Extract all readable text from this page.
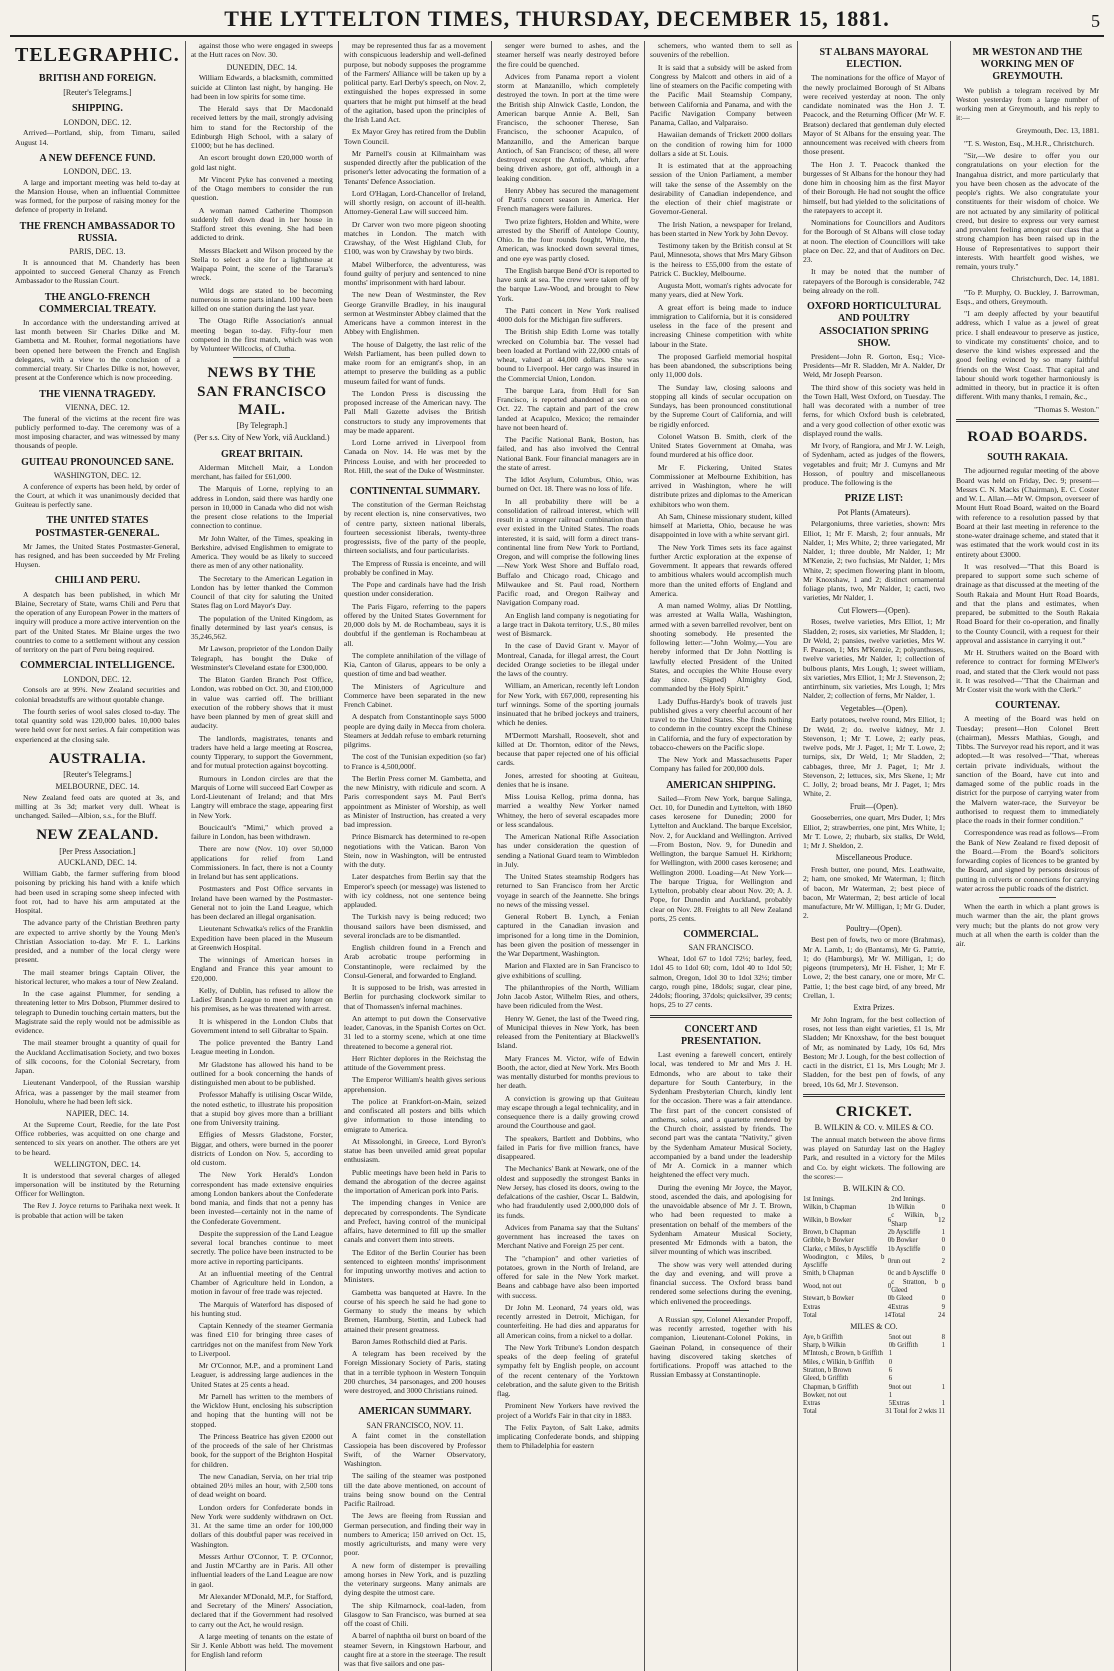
THE LYTTELTON TIMES, THURSDAY, DECEMBER 15, 1881.	5
TELEGRAPHIC.
BRITISH AND FOREIGN.
[Reuter's Telegrams.]
SHIPPING.
LONDON, DEC. 12.

Arrived—Portland, ship, from Timaru, sailed August 14.

A NEW DEFENCE FUND.
LONDON, DEC. 13.

A large and important meeting was held to-day at the Mansion House, when an influential Committee was formed, for the purpose of raising money for the defence of property in Ireland.

THE FRENCH AMBASSADOR TO RUSSIA.
PARIS, DEC. 13.

It is announced that M. Chanderly has been appointed to succeed General Chanzy as French Ambassador to the Russian Court.

THE ANGLO-FRENCH COMMERCIAL TREATY.

In accordance with the understanding arrived at last month between Sir Charles Dilke and M. Gambetta and M. Rouher, formal negotiations have been opened here between the French and English delegates, with a view to the conclusion of a commercial treaty. Sir Charles Dilke is not, however, present at the Conference which is now proceeding.

THE VIENNA TRAGEDY.
VIENNA, DEC. 12.

The funeral of the victims at the recent fire was publicly performed to-day. The ceremony was of a most imposing character, and was witnessed by many thousands of people.

GUITEAU PRONOUNCED SANE.
WASHINGTON, DEC. 12.

A conference of experts has been held, by order of the Court, at which it was unanimously decided that Guiteau is perfectly sane.

THE UNITED STATES POSTMASTER-GENERAL.

Mr James, the United States Postmaster-General, has resigned, and has been succeeded by Mr Freling Huysen.

CHILI AND PERU.

A despatch has been published, in which Mr Blaine, Secretary of State, warns Chili and Peru that the operation of any European Power in the matters of inquiry will produce a more active intervention on the part of the United States. Mr Blaine urges the two countries to come to a settlement without any cession of territory on the part of Peru being required.

COMMERCIAL INTELLIGENCE.
LONDON, DEC. 12.

Consols are at 99¾. New Zealand securities and colonial breadstuffs are without quotable change.

The fourth series of wool sales closed to-day. The total quantity sold was 120,000 bales. 10,000 bales were held over for next series. A fair competition was experienced at the closing sale.

AUSTRALIA.
[Reuter's Telegrams.]
MELBOURNE, DEC. 14.

New Zealand feed oats are quoted at 3s, and milling at 3s 3d; market very dull. Wheat is unchanged. Sailed—Albion, s.s., for the Bluff.

NEW ZEALAND.
[Per Press Association.]
AUCKLAND, DEC. 14.

William Gabb, the farmer suffering from blood poisoning by pricking his hand with a knife which had been used in scraping some sheep infected with foot rot, had to have his arm amputated at the Hospital.

The advance party of the Christian Brethren party are expected to arrive shortly by the Young Men's Christian Association to-day. Mr F. L. Larkins presided, and a number of the local clergy were present.

The mail steamer brings Captain Oliver, the historical lecturer, who makes a tour of New Zealand.

In the case against Plummer, for sending a threatening letter to Mrs Dobson, Plummer desired to telegraph to Dunedin touching certain matters, but the Magistrate said the reply would not be admissible as evidence.

The mail steamer brought a quantity of quail for the Auckland Acclimatisation Society, and two boxes of silk cocoons, for the Colonial Secretary, from Japan.

Lieutenant Vanderpool, of the Russian warship Africa, was a passenger by the mail steamer from Honolulu, where he had been left sick.

NAPIER, DEC. 14.

At the Supreme Court, Reedie, for the late Post Office robberies, was acquitted on one charge and sentenced to six years on another. The others are yet to be heard.

WELLINGTON, DEC. 14.

It is understood that several charges of alleged impersonation will be instituted by the Returning Officer for Wellington.

The Rev J. Joyce returns to Parihaka next week. It is probable that action will be taken

against those who were engaged in sweeps at the Hutt races on Nov. 30.

DUNEDIN, DEC. 14.

William Edwards, a blacksmith, committed suicide at Clinton last night, by hanging. He had been in low spirits for some time.

The Herald says that Dr Macdonald received letters by the mail, strongly advising him to stand for the Rectorship of the Edinburgh High School, with a salary of £1000; but he has declined.

An escort brought down £20,000 worth of gold last night.

Mr Vincent Pyke has convened a meeting of the Otago members to consider the run question.

A woman named Catherine Thompson suddenly fell down dead in her house in Stafford street this evening. She had been addicted to drink.

Messrs Blackett and Wilson proceed by the Stella to select a site for a lighthouse at Waipapa Point, the scene of the Tararua's wreck.

Wild dogs are stated to be becoming numerous in some parts inland. 100 have been killed on one station during the last year.

The Otago Rifle Association's annual meeting began to-day. Fifty-four men competed in the first match, which was won by Volunteer Willcocks, of Clutha.

NEWS BY THE SAN FRANCISCO MAIL.
[By Telegraph.]
(Per s.s. City of New York, viâ Auckland.)
GREAT BRITAIN.

Alderman Mitchell Mair, a London merchant, has failed for £61,000.

The Marquis of Lorne, replying to an address in London, said there was hardly one person in 10,000 in Canada who did not wish the present close relations to the Imperial connection to continue.

Mr John Walter, of the Times, speaking in Berkshire, advised Englishmen to emigrate to America. They would be as likely to succeed there as men of any other nationality.

The Secretary to the American Legation in London has by letter thanked the Common Council of that city for saluting the United States flag on Lord Mayor's Day.

The population of the United Kingdom, as finally determined by last year's census, is 35,246,562.

Mr Lawson, proprietor of the London Daily Telegraph, has bought the Duke of Westminster's Cleveland estate for £300,000.

The Blaton Garden Branch Post Office, London, was robbed on Oct. 30, and £100,000 in value was carried off. The brilliant execution of the robbery shows that it must have been planned by men of great skill and audacity.

The landlords, magistrates, tenants and traders have held a large meeting at Roscrea, county Tipperary, to support the Government, and for mutual protection against boycotting.

Rumours in London circles are that the Marquis of Lorne will succeed Earl Cowper as Lord-Lieutenant of Ireland; and that Mrs Langtry will embrace the stage, appearing first in New York.

Boucicault's "Mimi," which proved a failure in London, has been withdrawn.

There are now (Nov. 10) over 50,000 applications for relief from Land Commissioners. In fact, there is not a County in Ireland but has sent applications.

Postmasters and Post Office servants in Ireland have been warned by the Postmaster-General not to join the Land League, which has been declared an illegal organisation.

Lieutenant Schwatka's relics of the Franklin Expedition have been placed in the Museum at Greenwich Hospital.

The winnings of American horses in England and France this year amount to £20,000.

Kelly, of Dublin, has refused to allow the Ladies' Branch League to meet any longer on his premises, as he was threatened with arrest.

It is whispered in the London Clubs that Government intend to sell Gibraltar to Spain.

The police prevented the Bantry Land League meeting in London.

Mr Gladstone has allowed his hand to be outlined for a book concerning the hands of distinguished men about to be published.

Professor Mahaffy is utilising Oscar Wilde, the noted esthetic, to illustrate his proposition that a stupid boy gives more than a brilliant one from University training.

Effigies of Messrs Gladstone, Forster, Biggar, and others, were burned in the poorer districts of London on Nov. 5, according to old custom.

The New York Herald's London correspondent has made extensive enquiries among London bankers about the Confederate bond mania, and finds that not a penny has been invested—certainly not in the name of the Confederate Government.

Despite the suppression of the Land League several local branches continue to meet secretly. The police have been instructed to be more active in reporting participants.

At an influential meeting of the Central Chamber of Agriculture held in London, a motion in favour of free trade was rejected.

The Marquis of Waterford has disposed of his hunting stud.

Captain Kennedy of the steamer Germania was fined £10 for bringing three cases of cartridges not on the manifest from New York to Liverpool.

Mr O'Connor, M.P., and a prominent Land Leaguer, is addressing large audiences in the United States at 25 cents a head.

Mr Parnell has written to the members of the Wicklow Hunt, enclosing his subscription and hoping that the hunting will not be stopped.

The Princess Beatrice has given £2000 out of the proceeds of the sale of her Christmas book, for the support of the Brighton Hospital for children.

The new Canadian, Servia, on her trial trip obtained 20½ miles an hour, with 2,500 tons of dead weight on board.

London orders for Confederate bonds in New York were suddenly withdrawn on Oct. 31. At the same time an order for 100,000 dollars of this doubtful paper was received in Washington.

Messrs Arthur O'Connor, T. P. O'Connor, and Justin M'Carthy are in Paris. All other influential leaders of the Land League are now in gaol.

Mr Alexander M'Donald, M.P., for Stafford, and Secretary of the Miners' Association, declared that if the Government had resolved to carry out the Act, he would resign.

A large meeting of tenants on the estate of Sir J. Kenle Abbott was held. The movement for English land reform

may be represented thus far as a movement with conspicuous leadership and well-defined purpose, but nobody supposes the programme of the Farmers' Alliance will be taken up by a political party. Earl Derby's speech, on Nov. 2, extinguished the hopes expressed in some quarters that he might put himself at the head of the agitation, based upon the principles of the Irish Land Act.

Ex Mayor Grey has retired from the Dublin Town Council.

Mr Parnell's cousin at Kilmainham was suspended directly after the publication of the prisoner's letter advocating the formation of a Tenants' Defence Association.

Lord O'Hagan, Lord-Chancellor of Ireland, will shortly resign, on account of ill-health. Attorney-General Law will succeed him.

Dr Carver won two more pigeon shooting matches in London. The match with Crawshay, of the West Highland Club, for £100, was won by Crawshay by two birds.

Mabel Wilberforce, the adventuress, was found guilty of perjury and sentenced to nine months' imprisonment with hard labour.

The new Dean of Westminster, the Rev George Granville Bradley, in his inaugural sermon at Westminster Abbey claimed that the Americans have a common interest in the Abbey with Englishmen.

The house of Dalgetty, the last relic of the Welsh Parliament, has been pulled down to make room for an emigrant's shop, in an attempt to preserve the building as a public museum failed for want of funds.

The London Press is discussing the proposed increase of the American navy. The Pall Mall Gazette advises the British constructors to study any improvements that may be made apparent.

Lord Lorne arrived in Liverpool from Canada on Nov. 14. He was met by the Princess Louise, and with her proceeded to Rot. Hill, the seat of the Duke of Westminster.

CONTINENTAL SUMMARY.

The constitution of the German Reichstag by recent election is, nine conservatives, two of centre party, sixteen national liberals, fourteen secessionist liberals, twenty-three progressists, five of the party of the people, thirteen socialists, and four particularists.

The Empress of Russia is enceinte, and will probably be confined in May.

The Pope and cardinals have had the Irish question under consideration.

The Paris Figaro, referring to the papers offered by the United States Government for 20,000 dols by M. de Rochambeau, says it is doubtful if the gentleman is Rochambeau at all.

The complete annihilation of the village of Kia, Canton of Glarus, appears to be only a question of time and bad weather.

The Ministers of Agriculture and Commerce have been separated in the new French Cabinet.

A despatch from Constantinople says 5000 people are dying daily in Mecca from cholera. Steamers at Jeddah refuse to embark returning pilgrims.

The cost of the Tunisian expedition (so far) to France is 4,500,000f.

The Berlin Press corner M. Gambetta, and the new Ministry, with ridicule and scorn. A Paris correspondent says M. Paul Bert's appointment as Minister of Worship, as well as Minister of Instruction, has created a very bad impression.

Prince Bismarck has determined to re-open negotiations with the Vatican. Baron Von Stein, now in Washington, will be entrusted with the duty.

Later despatches from Berlin say that the Emperor's speech (or message) was listened to with icy coldness, not one sentence being applauded.

The Turkish navy is being reduced; two thousand sailors have been dismissed, and several ironclads are to be dismantled.

English children found in a French and Arab acrobatic troupe performing in Constantinople, were reclaimed by the Consul-General, and forwarded to England.

It is supposed to be Irish, was arrested in Berlin for purchasing clockwork similar to that of Thomassen's infernal machines.

An attempt to put down the Conservative leader, Canovas, in the Spanish Cortes on Oct. 31 led to a stormy scene, which at one time threatened to become a general riot.

Herr Richter deplores in the Reichstag the attitude of the Government press.

The Emperor William's health gives serious apprehension.

The police at Frankfort-on-Main, seized and confiscated all posters and bills which give information to those intending to emigrate to America.

At Missolonghi, in Greece, Lord Byron's statue has been unveiled amid great popular enthusiasm.

Public meetings have been held in Paris to demand the abrogation of the decree against the importation of American pork into Paris.

The impending changes in Venice are deprecated by correspondents. The Syndicate and Prefect, having control of the municipal affairs, have determined to fill up the smaller canals and convert them into streets.

The Editor of the Berlin Courier has been sentenced to eighteen months' imprisonment for imputing unworthy motives and action to Ministers.

Gambetta was banqueted at Havre. In the course of his speech he said he had gone to Germany to study the means by which Bremen, Hamburg, Stettin, and Lubeck had attained their present greatness.

Baron James Rothschild died at Paris.

A telegram has been received by the Foreign Missionary Society of Paris, stating that in a terrible typhoon in Western Tonquin 200 churches, 34 parsonages, and 200 houses were destroyed, and 3000 Christians ruined.

AMERICAN SUMMARY.
SAN FRANCISCO, NOV. 11.

A faint comet in the constellation Cassiopeia has been discovered by Professor Swift, of the Warner Observatory, Washington.

The sailing of the steamer was postponed till the date above mentioned, on account of trains being snow bound on the Central Pacific Railroad.

The Jews are fleeing from Russian and German persecution, and finding their way in numbers to America; 150 arrived on Oct. 15, mostly agriculturists, and many were very poor.

A new form of distemper is prevailing among horses in New York, and is puzzling the veterinary surgeons. Many animals are dying despite the utmost care.

The ship Kilmarnock, coal-laden, from Glasgow to San Francisco, was burned at sea off the coast of Chili.

A barrel of naphtha oil burst on board of the steamer Severn, in Kingstown Harbour, and caught fire at a store in the steerage. The result was that five sailors and one pas-

senger were burned to ashes, and the steamer herself was nearly destroyed before the fire could be quenched.

Advices from Panama report a violent storm at Manzanillo, which completely destroyed the town. In port at the time were the British ship Alnwick Castle, London, the American barque Annie A. Bell, San Francisco, the schooner Therese, San Francisco, the schooner Acapulco, of Manzanillo, and the American barque Antioch, of San Francisco; of these, all were destroyed except the Antioch, which, after being driven ashore, got off, although in a leaking condition.

Henry Abbey has secured the management of Patti's concert season in America. Her French managers were failures.

Two prize fighters, Holden and White, were arrested by the Sheriff of Antelope County, Ohio. In the four rounds fought, White, the American, was knocked down several times, and one eye was partly closed.

The English barque Bené d'Or is reported to have sunk at sea. The crew were taken off by the barque Law-Wood, and brought to New York.

The Patti concert in New York realised 4000 dols for the Michigan fire sufferers.

The British ship Edith Lorne was totally wrecked on Columbia bar. The vessel had been loaded at Portland with 22,000 cntals of wheat, valued at 44,000 dollars. She was bound to Liverpool. Her cargo was insured in the Commercial Union, London.

The barque Lara, from Hull for San Francisco, is reported abandoned at sea on Oct. 22. The captain and part of the crew landed at Acapulco, Mexico; the remainder have not been heard of.

The Pacific National Bank, Boston, has failed, and has also involved the Central National Bank. Four financial managers are in the state of arrest.

The Idlot Asylum, Columbus, Ohio, was burned on Oct. 18. There was no loss of life.

In all probability there will be a consolidation of railroad interest, which will result in a stronger railroad combination than ever existed in the United States. The roads interested, it is said, will form a direct trans-continental line from New York to Portland, Oregon, and will comprise the following lines—New York West Shore and Buffalo road, Buffalo and Chicago road, Chicago and Milwaukee and St. Paul road, Northern Pacific road, and Oregon Railway and Navigation Company road.

An English land company is negotiating for a large tract in Dakota territory, U.S., 80 miles west of Bismarck.

In the case of David Grant v. Mayor of Montreal, Canada, for illegal arrest, the Court decided Orange societies to be illegal under the laws of the country.

William, an American, recently left London for New York, with £67,000, representing his turf winnings. Some of the sporting journals insinuated that he bribed jockeys and trainers, which he denies.

M'Dermott Marshall, Roosevelt, shot and killed at Dr. Thornton, editor of the News, because that paper rejected one of his official cards.

Jones, arrested for shooting at Guiteau, denies that he is insane.

Miss Louisa Kellog, prima donna, has married a wealthy New Yorker named Whitney, the hero of several escapades more or less scandalous.

The American National Rifle Association has under consideration the question of sending a National Guard team to Wimbledon in July.

The United States steamship Rodgers has returned to San Francisco from her Arctic voyage in search of the Jeannette. She brings no news of the missing vessel.

General Robert B. Lynch, a Fenian captured in the Canadian invasion and imprisoned for a long time in the Dominion, has been given the position of messenger in the War Department, Washington.

Marion and Flaxted are in San Francisco to give exhibitions of sculling.

The philanthropies of the North, William John Jacob Astor, Wilhelm Ries, and others, have been ridiculed from the West.

Henry W. Genet, the last of the Tweed ring, of Municipal thieves in New York, has been released from the Penitentiary at Blackwell's Island.

Mary Frances M. Victor, wife of Edwin Booth, the actor, died at New York. Mrs Booth was mentally disturbed for months previous to her death.

A conviction is growing up that Guiteau may escape through a legal technicality, and in consequence there is a daily growing crowd around the Courthouse and gaol.

The speakers, Bartlett and Dobbins, who failed in Paris for five million francs, have disappeared.

The Mechanics' Bank at Newark, one of the oldest and supposedly the strongest Banks in New Jersey, has closed its doors, owing to the defalcations of the cashier, Oscar L. Baldwin, who had fraudulently used 2,000,000 dols of its funds.

Advices from Panama say that the Sultans' government has increased the taxes on Merchant Native and Foreign 25 per cent.

The "champion" and other varieties of potatoes, grown in the North of Ireland, are offered for sale in the New York market. Beans and cabbage have also been imported with success.

Dr John M. Leonard, 74 years old, was recently arrested in Detroit, Michigan, for counterfeiting. He had dies and apparatus for all American coins, from a nickel to a dollar.

The New York Tribune's London despatch speaks of the deep feeling of grateful sympathy felt by English people, on account of the recent centenary of the Yorktown celebration, and the salute given to the British flag.

Prominent New Yorkers have revived the project of a World's Fair in that city in 1883.

The Felix Payton, of Salt Lake, admits implicating Confederate bonds, and shipping them to Philadelphia for eastern

schemers, who wanted them to sell as souvenirs of the rebellion.

It is said that a subsidy will be asked from Congress by Malcott and others in aid of a line of steamers on the Pacific competing with the Pacific Mail Steamship Company, between California and Panama, and with the Pacific Navigation Company between Panama, Callao, and Valparaiso.

Hawaiian demands of Trickett 2000 dollars on the condition of rowing him for 1000 dollars a side at St. Louis.

It is estimated that at the approaching session of the Union Parliament, a member will take the sense of the Assembly on the desirability of Canadian independence, and the election of their chief magistrate or Governor-General.

The Irish Nation, a newspaper for Ireland, has been started in New York by John Devoy.

Testimony taken by the British consul at St Paul, Minnesota, shows that Mrs Mary Gibson is the heiress to £55,000 from the estate of Patrick C. Buckley, Melbourne.

Augusta Mott, woman's rights advocate for many years, died at New York.

A great effort is being made to induce immigration to California, but it is considered useless in the face of the present and increasing Chinese competition with white labour in the State.

The proposed Garfield memorial hospital has been abandoned, the subscriptions being only 11,000 dols.

The Sunday law, closing saloons and stopping all kinds of secular occupation on Sundays, has been pronounced constitutional by the Supreme Court of California, and will be rigidly enforced.

Colonel Watson B. Smith, clerk of the United States Government at Omaha, was found murdered at his office door.

Mr F. Pickering, United States Commissioner at Melbourne Exhibition, has arrived in Washington, where he will distribute prizes and diplomas to the American exhibitors who won them.

Ah Sam, Chinese missionary student, killed himself at Marietta, Ohio, because he was disappointed in love with a white servant girl.

The New York Times sets its face against further Arctic exploration at the expense of Government. It appears that rewards offered to ambitious whalers would accomplish much more than the united efforts of England and America.

A man named Wolmy, alias Dr Nottling, was arrested at Walla Walla, Washington, armed with a seven barrelled revolver, bent on shooting somebody. He presented the following letter:—"John Wolmy,—You are hereby informed that Dr John Nottling is lawfully elected President of the United States, and occupies the White House every day since. (Signed) Almighty God, commanded by the Holy Spirit."

Lady Duffus-Hardy's book of travels just published gives a very cheerful account of her travel to the United States. She finds nothing to condemn in the country except the Chinese in California, and the fury of expectoration by tobacco-chewers on the Pacific slope.

The New York and Massachusetts Paper Company has failed for 200,000 dols.

AMERICAN SHIPPING.

Sailed—From New York, barque Salinga, Oct. 10, for Dunedin and Lyttelton, with 1860 cases kerosene for Dunedin; 2000 for Lyttelton and Auckland. The barque Excelsior, Nov. 2, for Auckland and Wellington. Arrived—From Boston, Nov. 9, for Dunedin and Wellington, the barque Samuel H. Kirkhorn; for Wellington, with 2000 cases kerosene; and Wellington 2000. Loading—At New York—The barque Trigua, for Wellington and Lyttelton, probably clear about Nov. 20; A. J. Pope, for Dunedin and Auckland, probably clear on Nov. 28. Freights to all New Zealand ports, 25 cents.

COMMERCIAL.
SAN FRANCISCO.

Wheat, 1dol 67 to 1dol 72½; barley, feed, 1dol 45 to 1dol 60; corn, 1dol 40 to 1dol 50; salmon, Oregon, 1dol 30 to 1dol 32½; timber cargo, rough pine, 18dols; sugar, clear pine, 24dols; flooring, 37dols; quicksilver, 39 cents; hops, 25 to 27 cents.

CONCERT AND PRESENTATION.

Last evening a farewell concert, entirely local, was tendered to Mr and Mrs J. H. Edmonds, who are about to take their departure for South Canterbury, in the Sydenham Presbyterian Church, kindly lent for the occasion. There was a fair attendance. The first part of the concert consisted of anthems, solos, and a quartette rendered by the Church choir, assisted by friends. The second part was the cantata "Nativity," given by the Sydenham Amateur Musical Society, accompanied by a band under the leadership of Mr A. Cornick in a manner which heightened the effect very much.

During the evening Mr Joyce, the Mayor, stood, ascended the dais, and apologising for the unavoidable absence of Mr J. T. Brown, who had been requested to make a presentation on behalf of the members of the Sydenham Amateur Musical Society, presented Mr Edmonds with a baton, the silver mounting of which was inscribed.

The show was very well attended during the day and evening, and will prove a financial success. The Oxford brass band rendered some selections during the evening, which enlivened the proceedings.

A Russian spy, Colonel Alexander Propoff, was recently arrested, together with his companion, Lieutenant-Colonel Pokins, in Gaeinan Poland, in consequence of their having discovered taking sketches of fortifications. Propoff was attached to the Russian Embassy at Constantinople.

ST ALBANS MAYORAL ELECTION.

The nominations for the office of Mayor of the newly proclaimed Borough of St Albans were received yesterday at noon. The only candidate nominated was the Hon J. T. Peacock, and the Returning Officer (Mr W. F. Bratson) declared that gentleman duly elected Mayor of St Albans for the ensuing year. The announcement was received with cheers from those present.

The Hon J. T. Peacock thanked the burgesses of St Albans for the honour they had done him in choosing him as the first Mayor of their Borough. He had not sought the office himself, but had yielded to the solicitations of the ratepayers to accept it.

Nominations for Councillors and Auditors for the Borough of St Albans will close today at noon. The election of Councillors will take place on Dec. 22, and that of Auditors on Dec. 23.

It may be noted that the number of ratepayers of the Borough is considerable, 742 being already on the roll.

OXFORD HORTICULTURAL AND POULTRY ASSOCIATION SPRING SHOW.

President—John R. Gorton, Esq.; Vice-Presidents—Mr R. Sladden, Mr A. Nalder, Dr Weld, Mr Joseph Pearson.

The third show of this society was held in the Town Hall, West Oxford, on Tuesday. The hall was decorated with a number of tree ferns, for which Oxford bush is celebrated, and a very good collection of other exotic was displayed round the walls.

Mr Ivory, of Rangiora, and Mr J. W. Leigh, of Sydenham, acted as judges of the flowers, vegetables and fruit; Mr J. Cumyns and Mr Hosson, of poultry and miscellaneous produce. The following is the

PRIZE LIST:
Pot Plants (Amateurs).

Pelargoniums, three varieties, shown: Mrs Elliot, 1; Mr F. Marsh, 2; four annuals, Mr Nalder, 1; Mrs White, 2; three variegated, Mr Nalder, 1; three double, Mr Nalder, 1; Mr M'Kenzie, 2; two fuchsias, Mr Nalder, 1; Mrs White, 2; specimen flowering plant in bloom, Mr Knoxshaw, 1 and 2; distinct ornamental foliage plants, two, Mr Nalder, 1; cacti, two varieties, Mr Nalder, 1.

Cut Flowers—(Open).

Roses, twelve varieties, Mrs Elliot, 1; Mr Sladden, 2; roses, six varieties, Mr Sladden, 1; Dr Weld, 2; pansies, twelve varieties, Mrs W. F. Pearson, 1; Mrs M'Kenzie, 2; polyanthuses, twelve varieties, Mr Nalder, 1; collection of bulbous plants, Mrs Lough, 1; sweet william, six varieties, Mrs Elliot, 1; Mr J. Stevenson, 2; antirrhinum, six varieties, Mrs Lough, 1; Mrs Nalder, 2; collection of ferns, Mr Nalder, 1.

Vegetables—(Open).

Early potatoes, twelve round, Mrs Elliot, 1; Dr Weld, 2; do. twelve kidney, Mr J. Stevenson, 1; Mr T. Lowe, 2; early peas, twelve pods, Mr J. Paget, 1; Mr T. Lowe, 2; turnips, six, Dr Weld, 1; Mr Sladden, 2; cabbages, three, Mr J. Paget, 1; Mr J. Stevenson, 2; lettuces, six, Mrs Skene, 1; Mr C. Jolly, 2; broad beans, Mr J. Paget, 1; Mrs White, 2.

Fruit—(Open).

Gooseberries, one quart, Mrs Duder, 1; Mrs Elliot, 2; strawberries, one pint, Mrs White, 1; Mr T. Lowe, 2; rhubarb, six stalks, Dr Weld, 1; Mr J. Sheldon, 2.

Miscellaneous Produce.

Fresh butter, one pound, Mrs. Leathwaite, 2; ham, one smoked, Mr Waterman, 1; flitch of bacon, Mr Waterman, 2; best piece of bacon, Mr Waterman, 2; best article of local manufacture, Mr W. Milligan, 1; Mr G. Duder, 2.

Poultry—(Open).

Best pen of fowls, two or more (Brahmas), Mr A. Lamb, 1; do (Bantams), Mr G. Pattrie, 1; do (Hamburgs), Mr W. Milligan, 1; do pigeons (trumpeters), Mr H. Fisher, 1; Mr F. Lowe, 2; the best canary, one or more, Mr C. Pattie, 1; the best cage bird, of any breed, Mr Crellan, 1.

Extra Prizes.

Mr John Ingram, for the best collection of roses, not less than eight varieties, £1 1s, Mr Sladden; Mr Knoxshaw, for the best bouquet of Mr, as nominated by Lady, 10s 6d, Mrs Beston; Mr J. Lough, for the best collection of cacti in the district, £1 1s, Mrs Lough; Mr J. Sladden, for the best pen of fowls, of any breed, 10s 6d, Mr J. Stevenson.

CRICKET.
B. WILKIN & CO. v. MILES & CO.

The annual match between the above firms was played on Saturday last on the Hagley Park, and resulted in a victory for the Miles and Co. by eight wickets. The following are the scores:—

B. WILKIN & CO.
1st Innings.		2nd Innings.	
Wilkin, b Chapman	1	b Wilkin	0
Wilkin, b Bowker	6	c Wilkin, b Sharp	12
Brown, b Chapman	2	b Ayscliffe	1
Gribble, b Bowker	0	b Bowker	0
Clarke, c Miles, b Ayscliffe	1	b Ayscliffe	0
Woodington, c Miles, b Ayscliffe	0	run out	2
Smith, b Chapman	0	c and b Ayscliffe	0
Wood, not out	0	c Stratton, b Gleed	0
Stewart, b Bowker	0	b Gleed	0
Extras	4	Extras	9
Total	14	Total	24
MILES & CO.
Aye, b Griffith	5	not out	8
Sharp, b Wilkin	0	b Griffith	1
M'Intosh, c Brown, b Griffith	1		
Miles, c Wilkin, b Griffith	0		
Stratton, b Brown	6		
Gleed, b Griffith	6		
Chapman, b Griffith	9	not out	1
Bowker, not out	1		
Extras	5	Extras	1
Total	31	Total for 2 wkts 11	
MR WESTON AND THE WORKING MEN OF GREYMOUTH.

We publish a telegram received by Mr Weston yesterday from a large number of working men at Greymouth, and his reply to it:—

Greymouth, Dec. 13, 1881.

"T. S. Weston, Esq., M.H.R., Christchurch.

"Sir,—We desire to offer you our congratulations on your election for the Inangahua district, and more particularly that you have been chosen as the advocate of the people's rights. We also congratulate your constituents for their wisdom of choice. We are not actuated by any similarity of political creed, but desire to express our very earnest and prevalent feeling amongst our class that a strong champion has been raised up in the House of Representatives to support their interests. With heartfelt good wishes, we remain, yours truly."

Christchurch, Dec. 14, 1881.

"To P. Murphy, O. Buckley, J. Barrowman, Esqs., and others, Greymouth.

"I am deeply affected by your beautiful address, which I value as a jewel of great price. I shall endeavour to preserve as justice, to vindicate my constituents' choice, and to deserve the kind wishes expressed and the good feeling evinced by so many faithful friends on the West Coast. That capital and labour should work together harmoniously is admitted in theory, but in practice it is often different. With many thanks, I remain, &c.,

"Thomas S. Weston."
ROAD BOARDS.
SOUTH RAKAIA.

The adjourned regular meeting of the above Board was held on Friday, Dec. 9; present—Messrs C. N. Macks (Chairman), E. C. Coster and W. L. Allan.—Mr W. Ompson, overseer of Mount Hutt Road Board, waited on the Board with reference to a resolution passed by that Board at their last meeting in reference to the stone-water drainage scheme, and stated that it was estimated that the work would cost in its entirety about £3000.

It was resolved—"That this Board is prepared to support some such scheme of drainage as that discussed at the meeting of the South Rakaia and Mount Hutt Road Boards, and that the plans and estimates, when prepared, be submitted to the South Rakaia Road Board for their co-operation, and finally to the County Council, with a request for their approval and assistance in carrying it out."

Mr H. Struthers waited on the Board with reference to contract for forming M'Elwer's road, and stated that the Clerk would not pass it. It was resolved—"That the Chairman and Mr Coster visit the work with the Clerk."

COURTENAY.

A meeting of the Board was held on Tuesday; present—Hon Colonel Brett (chairman), Messrs Mathias, Gough, and Tibbs. The Surveyor read his report, and it was adopted.—It was resolved—"That, whereas certain private individuals, without the sanction of the Board, have cut into and damaged some of the public roads in the district for the purpose of carrying water from the Malvern water-race, the Surveyor be authorised to request them to immediately place the roads in their former condition."

Correspondence was read as follows—From the Bank of New Zealand re fixed deposit of the Board.—From the Board's solicitors forwarding copies of licences to be granted by the Board, and signed by persons desirous of putting in culverts or connections for carrying water across the public roads of the district.

When the earth in which a plant grows is much warmer than the air, the plant grows very much; but the plants do not grow very much at all when the earth is colder than the air.
